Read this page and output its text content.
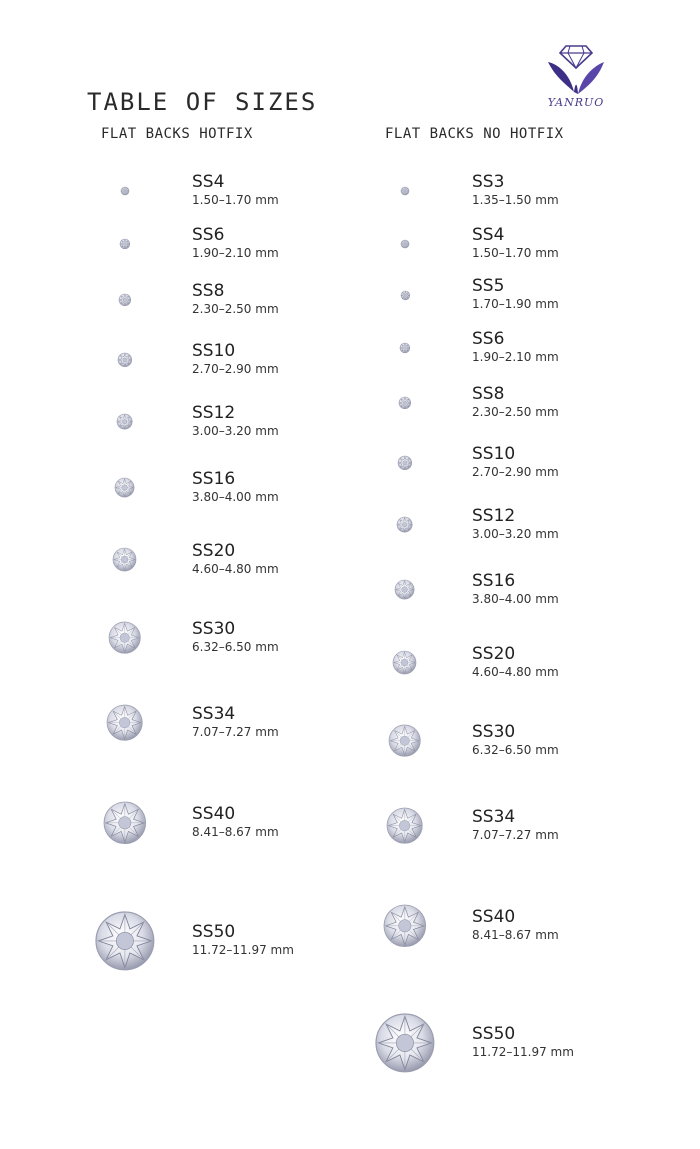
TABLE OF SIZES	YANRUO
FLAT BACKS HOTFIX	FLAT BACKS NO HOTFIX
SS4
1.50–1.70 mm
SS6
1.90–2.10 mm
SS8
2.30–2.50 mm
SS10
2.70–2.90 mm
SS12
3.00–3.20 mm
SS16
3.80–4.00 mm
SS20
4.60–4.80 mm
SS30
6.32–6.50 mm
SS34
7.07–7.27 mm
SS40
8.41–8.67 mm
SS50
11.72–11.97 mm
SS3
1.35–1.50 mm
SS4
1.50–1.70 mm
SS5
1.70–1.90 mm
SS6
1.90–2.10 mm
SS8
2.30–2.50 mm
SS10
2.70–2.90 mm
SS12
3.00–3.20 mm
SS16
3.80–4.00 mm
SS20
4.60–4.80 mm
SS30
6.32–6.50 mm
SS34
7.07–7.27 mm
SS40
8.41–8.67 mm
SS50
11.72–11.97 mm
